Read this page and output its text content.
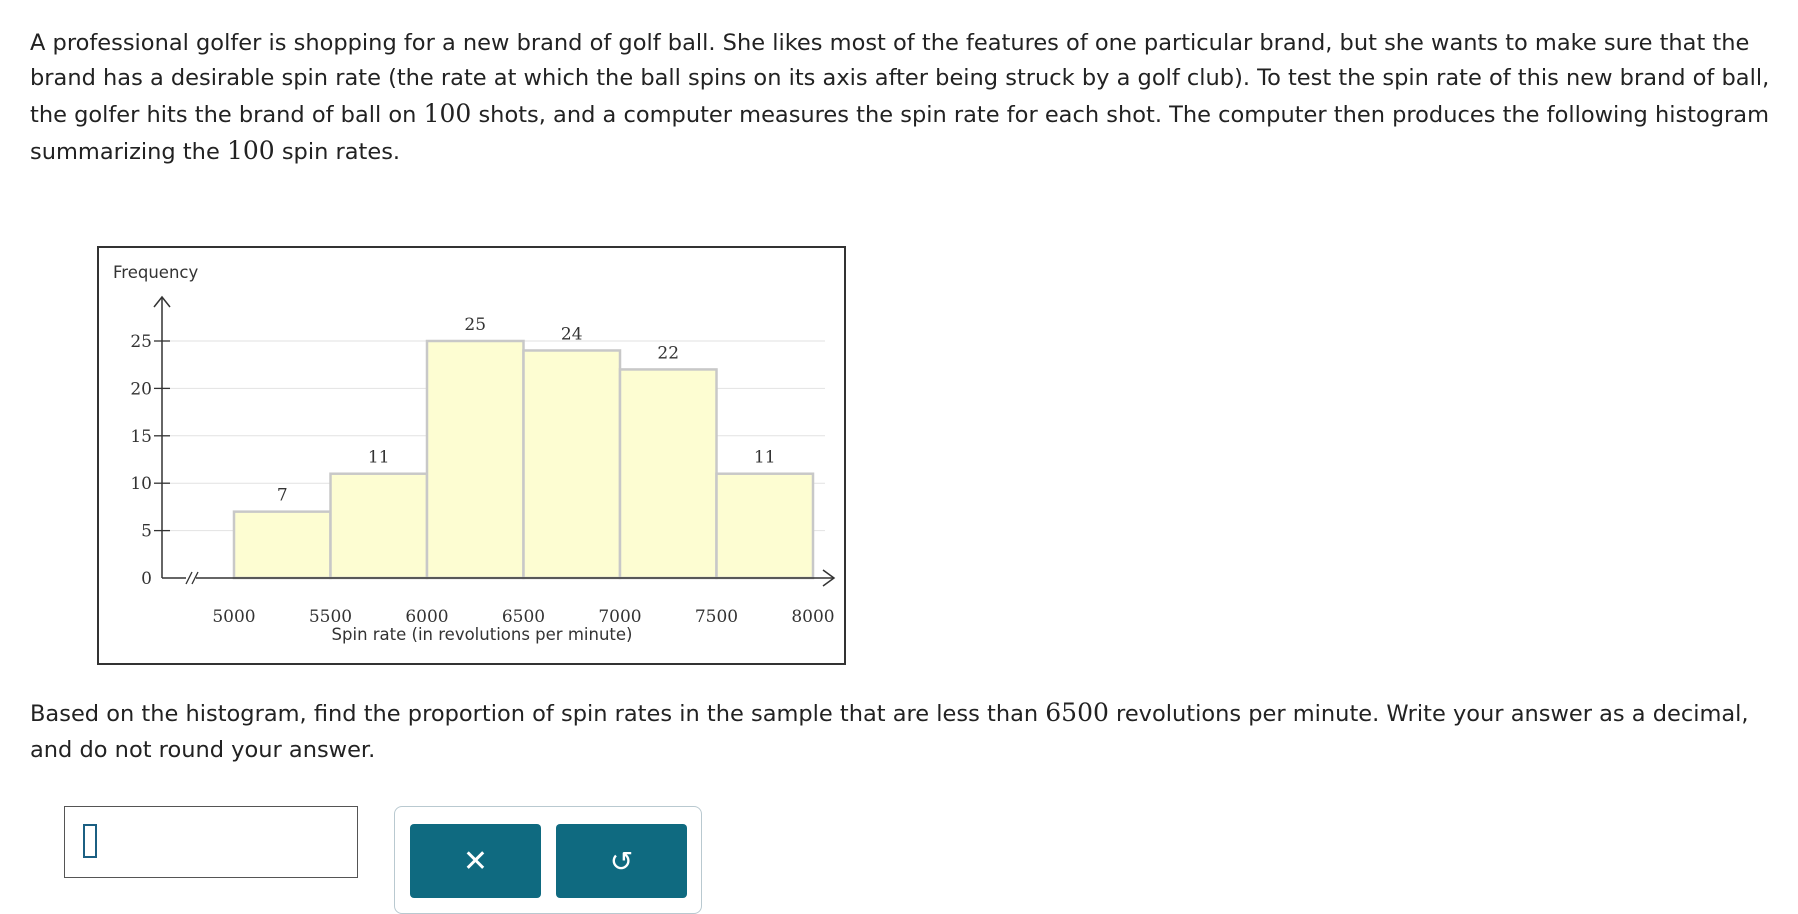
A professional golfer is shopping for a new brand of golf ball. She likes most of the features of one particular brand, but she wants to make sure that the brand has a desirable spin rate (the rate at which the ball spins on its axis after being struck by a golf club). To test the spin rate of this new brand of ball, the golfer hits the brand of ball on 100 shots, and a computer measures the spin rate for each shot. The computer then produces the following histogram summarizing the 100 spin rates.

0
5
10
15
20
25
5000	5500	6000	6500	7000	7500	8000
7
11
25	24
22
11
Frequency
Spin rate (in revolutions per minute)

Based on the histogram, find the proportion of spin rates in the sample that are less than 6500 revolutions per minute. Write your answer as a decimal, and do not round your answer.

✕	↺
